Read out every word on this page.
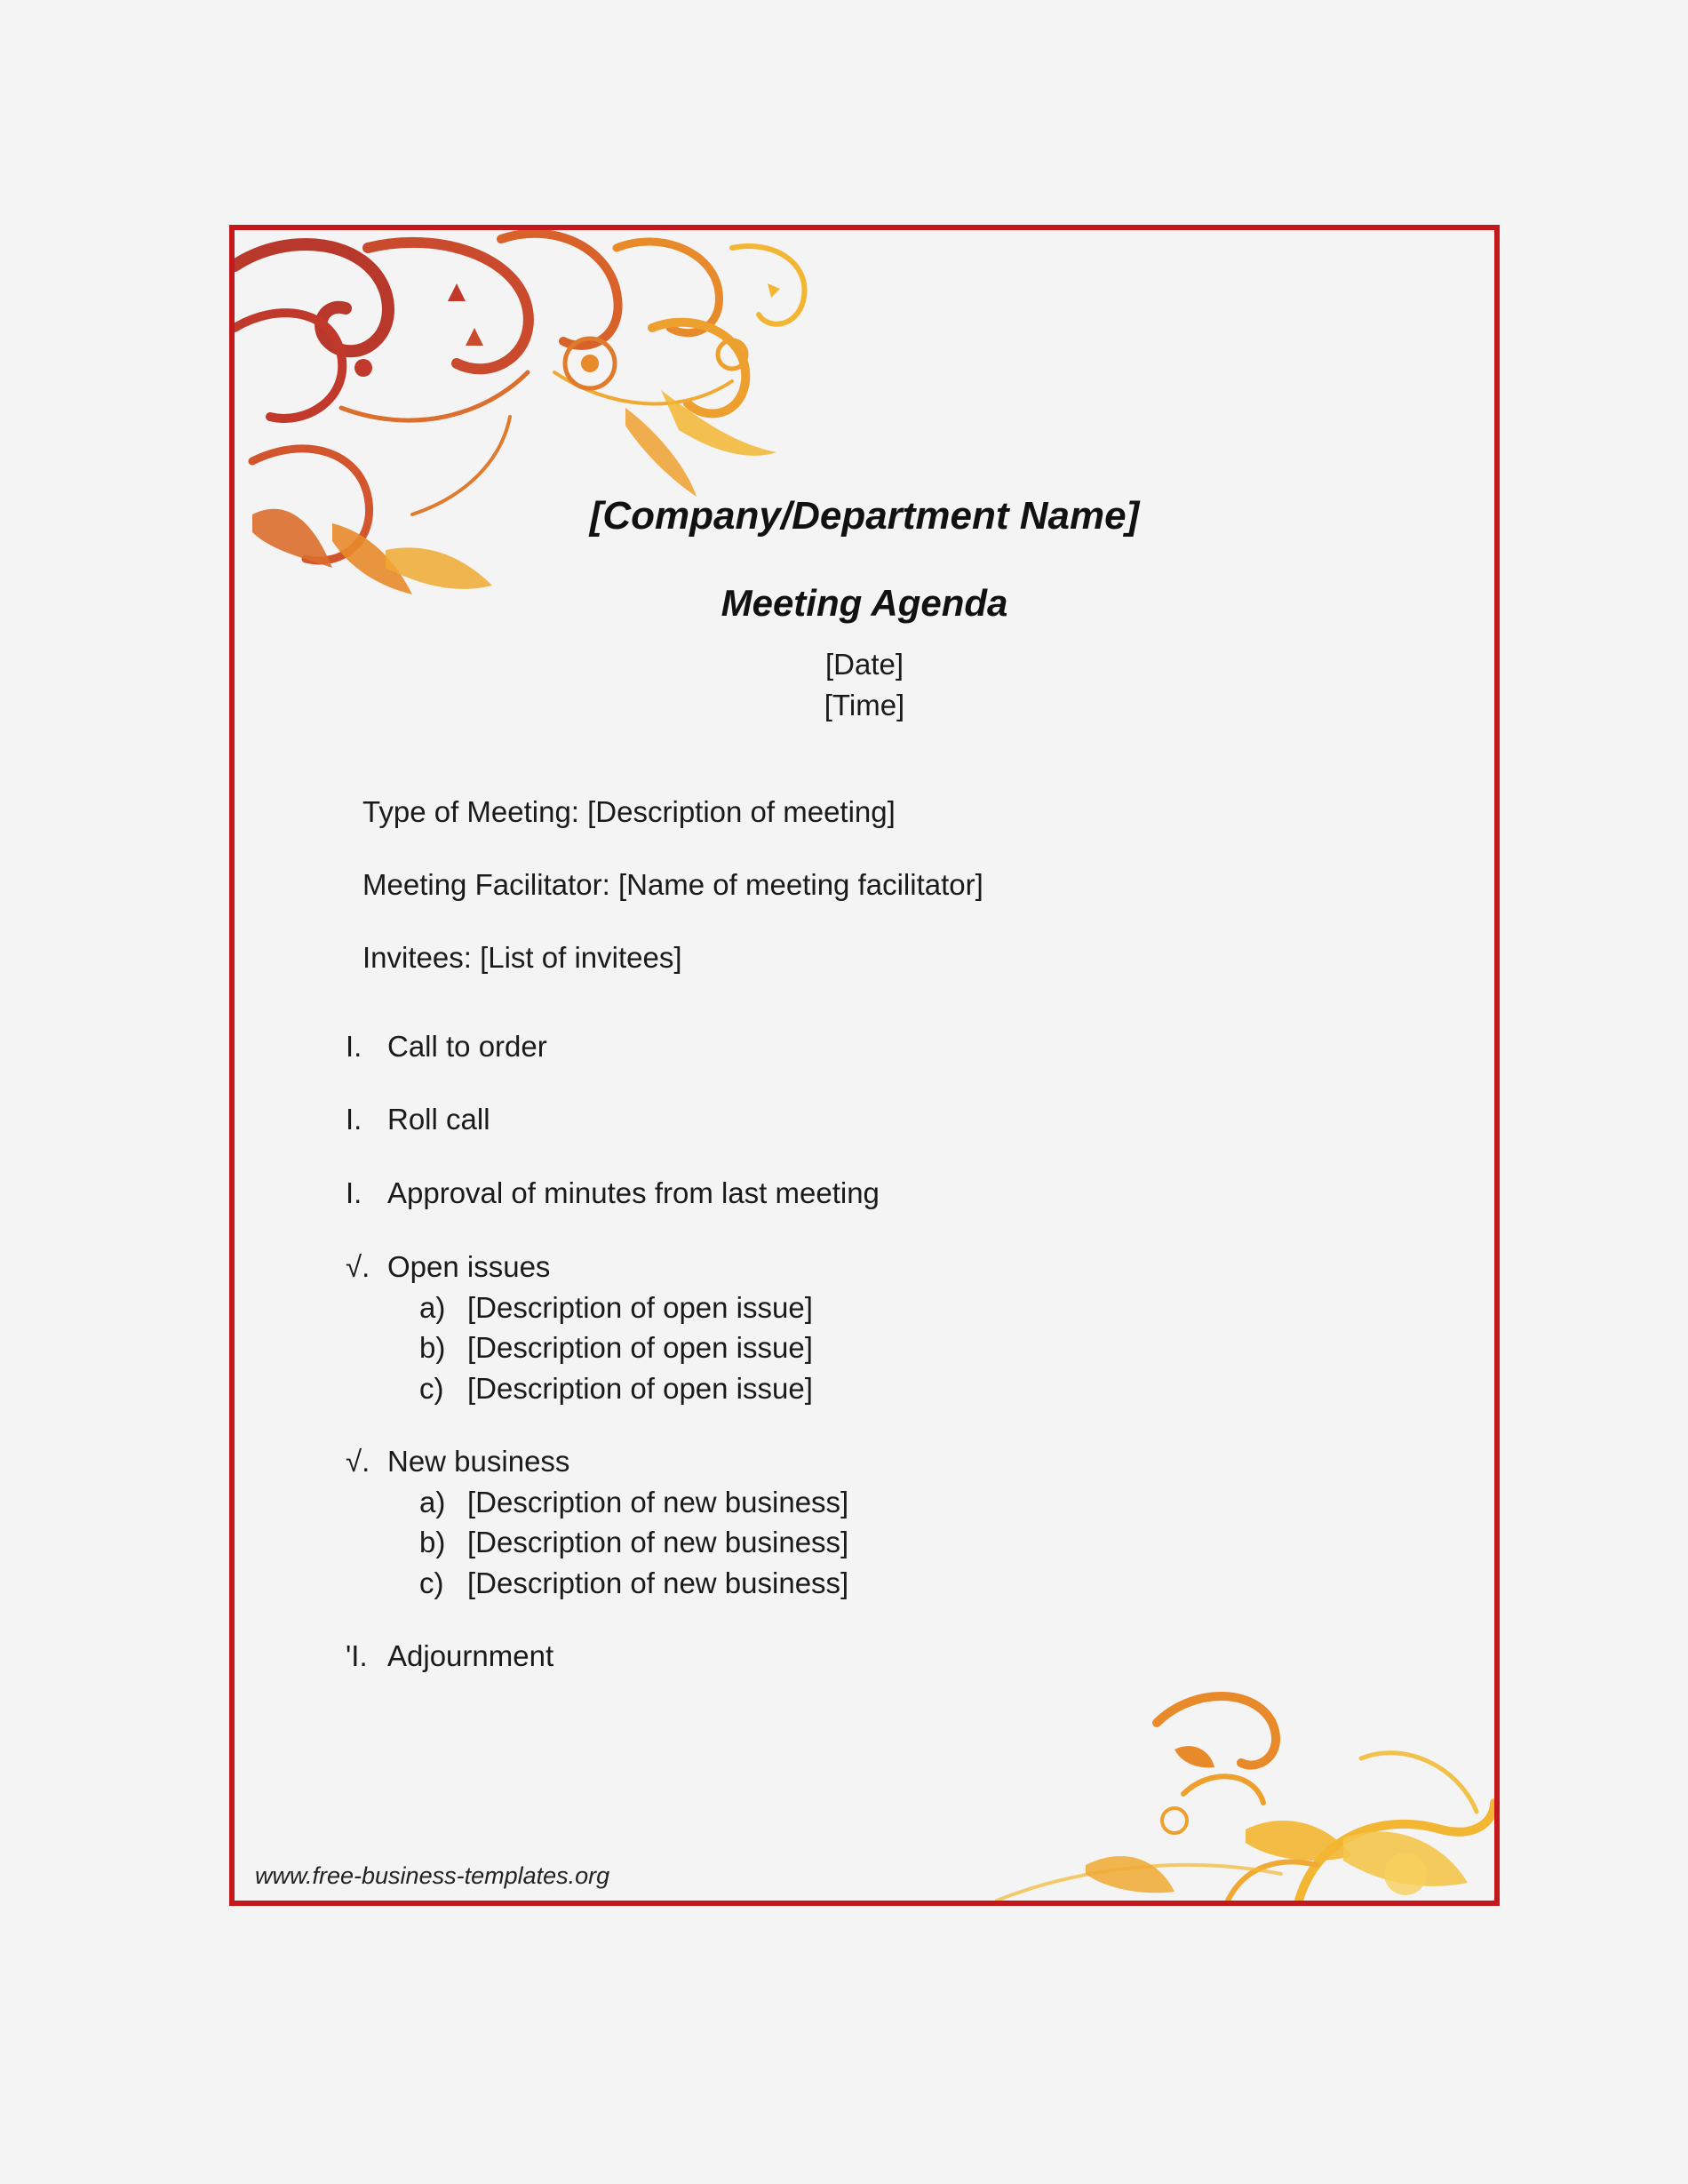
[Company/Department Name]
Meeting Agenda
[Date]
[Time]
Type of Meeting: [Description of meeting]
Meeting Facilitator: [Name of meeting facilitator]
Invitees: [List of invitees]
I. Call to order
I. Roll call
I. Approval of minutes from last meeting
√. Open issues
a) [Description of open issue]
b) [Description of open issue]
c) [Description of open issue]
√. New business
a) [Description of new business]
b) [Description of new business]
c) [Description of new business]
'I. Adjournment
www.free-business-templates.org
